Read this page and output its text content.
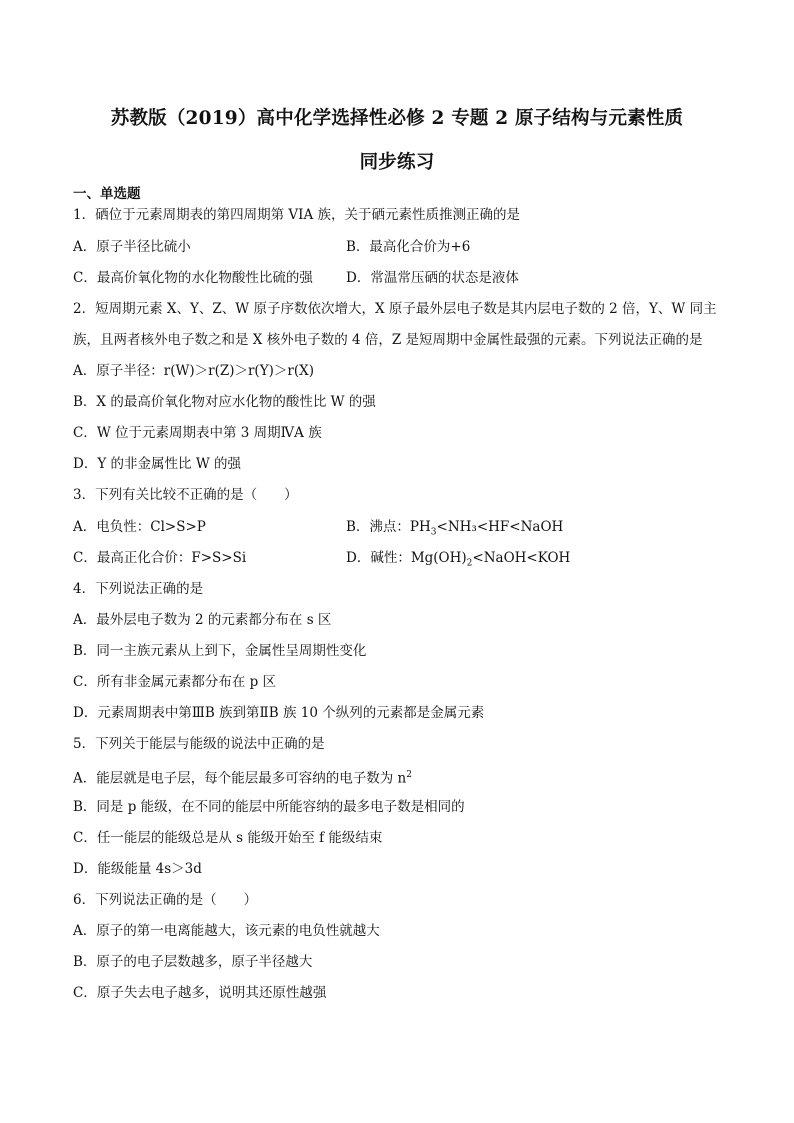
苏教版（2019）高中化学选择性必修 2 专题 2 原子结构与元素性质
同步练习
一、单选题
1．硒位于元素周期表的第四周期第 VIA 族，关于硒元素性质推测正确的是
A．原子半径比硫小	B．最高化合价为+6
C．最高价氧化物的水化物酸性比硫的强 D．常温常压硒的状态是液体
2．短周期元素 X、Y、Z、W 原子序数依次增大，X 原子最外层电子数是其内层电子数的 2 倍，Y、W 同主
族，且两者核外电子数之和是 X 核外电子数的 4 倍，Z 是短周期中金属性最强的元素。下列说法正确的是
A．原子半径：r(W)＞r(Z)＞r(Y)＞r(X)
B．X 的最高价氧化物对应水化物的酸性比 W 的强
C．W 位于元素周期表中第 3 周期ⅣA 族
D．Y 的非金属性比 W 的强
3．下列有关比较不正确的是（　　）
A．电负性：Cl>S>P	B．沸点：$PH_3<NH_3<HF<NaOH$
C．最高正化合价：F>S>Si	D．碱性：$Mg(OH)_2<NaOH<KOH$
4．下列说法正确的是
A．最外层电子数为 2 的元素都分布在 s 区
B．同一主族元素从上到下，金属性呈周期性变化
C．所有非金属元素都分布在 p 区
D．元素周期表中第ⅢB 族到第ⅡB 族 10 个纵列的元素都是金属元素
5．下列关于能层与能级的说法中正确的是
A．能层就是电子层，每个能层最多可容纳的电子数为 $n^2$
B．同是 p 能级，在不同的能层中所能容纳的最多电子数是相同的
C．任一能层的能级总是从 s 能级开始至 f 能级结束
D．能级能量 4s＞3d
6．下列说法正确的是（　　）
A．原子的第一电离能越大，该元素的电负性就越大
B．原子的电子层数越多，原子半径越大
C．原子失去电子越多，说明其还原性越强
